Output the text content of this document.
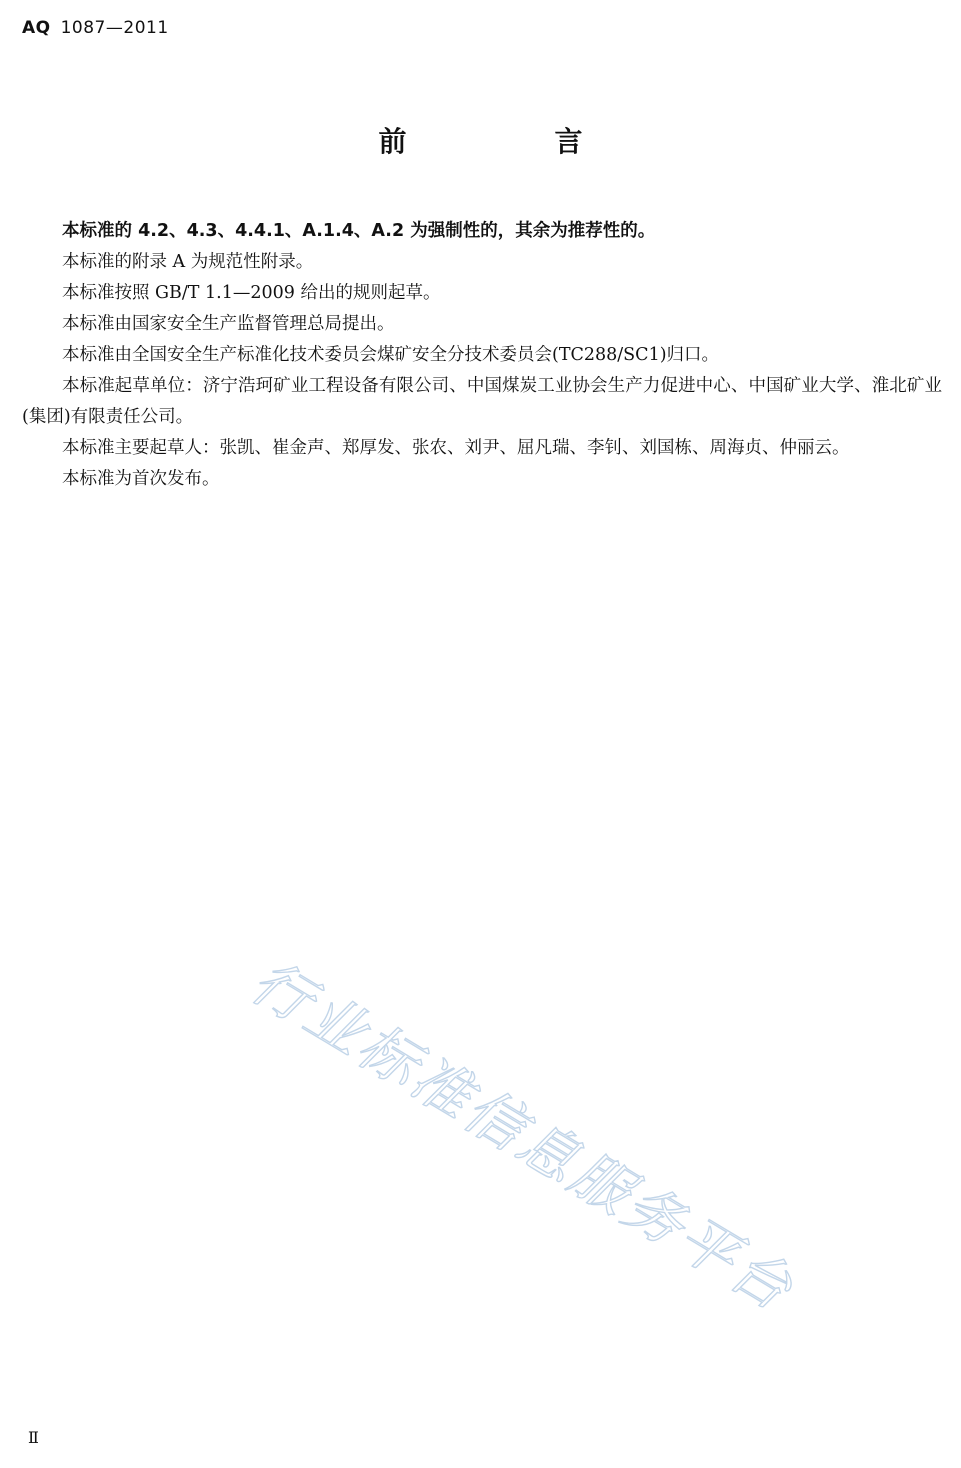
AQ 1087—2011
前　言

本标准的 4.2、4.3、4.4.1、A.1.4、A.2 为强制性的，其余为推荐性的。

本标准的附录 A 为规范性附录。

本标准按照 GB/T 1.1—2009 给出的规则起草。

本标准由国家安全生产监督管理总局提出。

本标准由全国安全生产标准化技术委员会煤矿安全分技术委员会(TC288/SC1)归口。

本标准起草单位：济宁浩珂矿业工程设备有限公司、中国煤炭工业协会生产力促进中心、中国矿业大学、淮北矿业(集团)有限责任公司。

本标准主要起草人：张凯、崔金声、郑厚发、张农、刘尹、屈凡瑞、李钊、刘国栋、周海贞、仲丽云。

本标准为首次发布。

行业标准信息服务平台
Ⅱ
